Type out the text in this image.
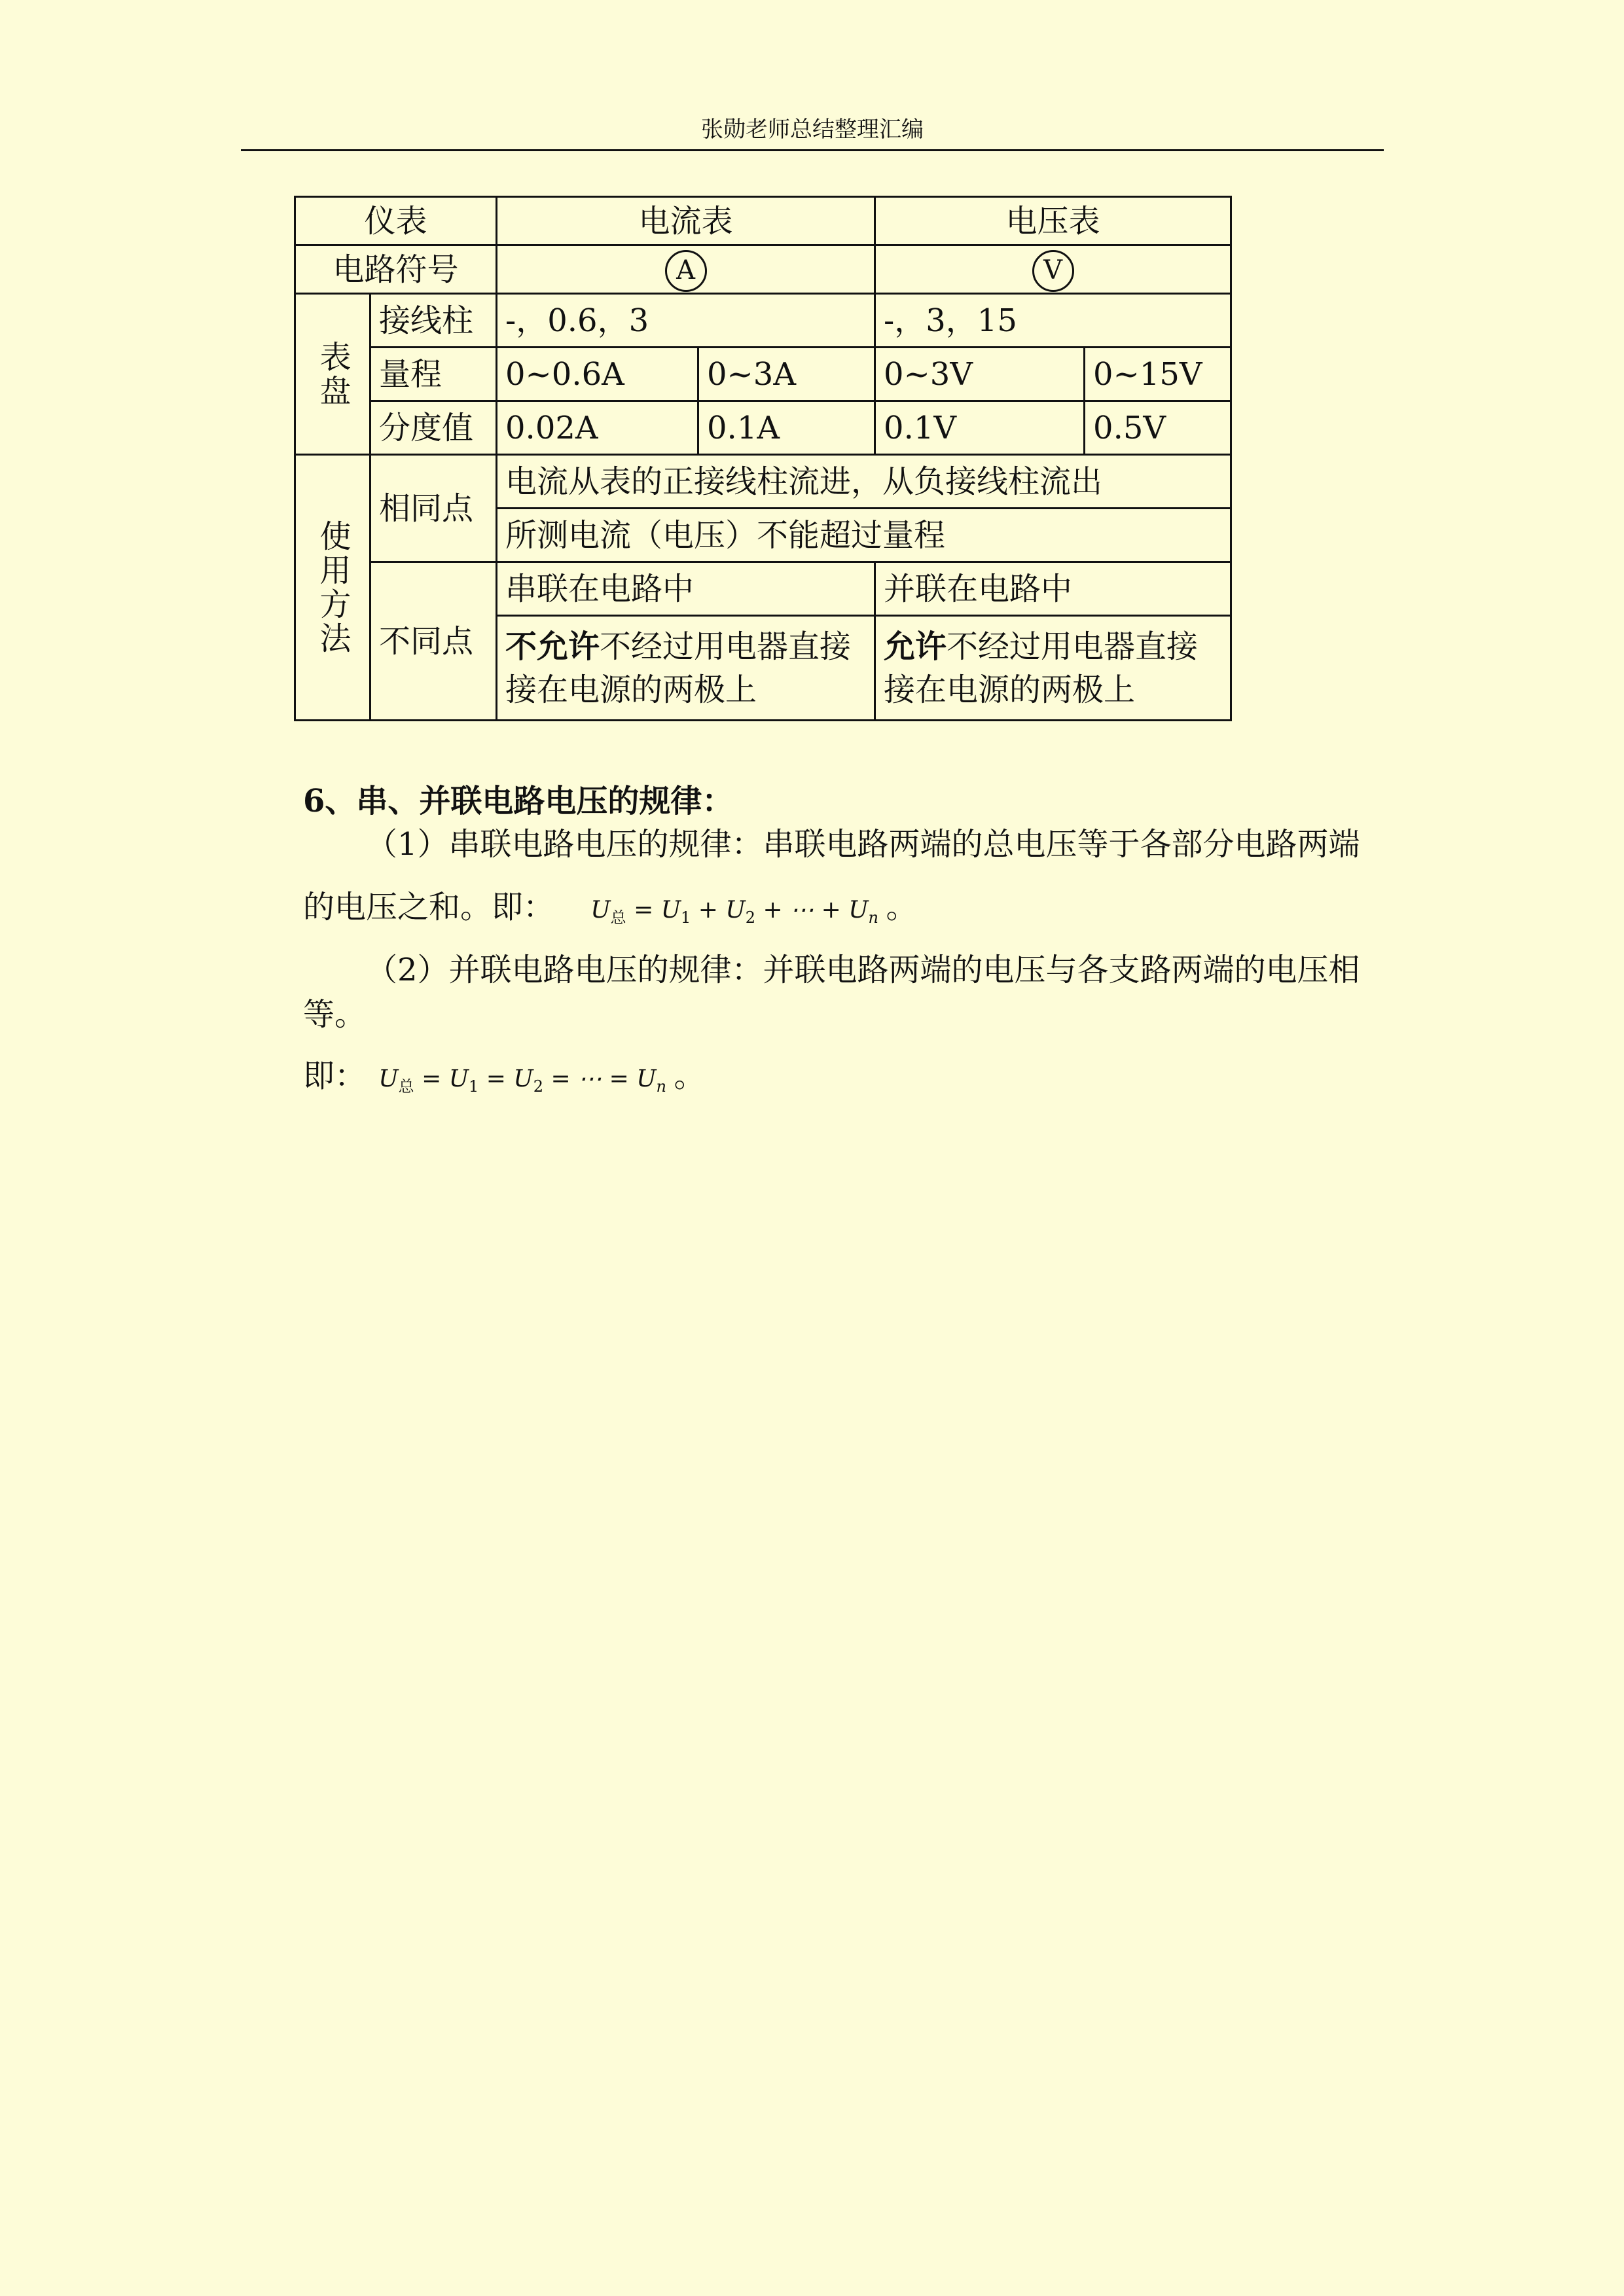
张勋老师总结整理汇编
仪表		电流表		电压表	
电路符号		A		V	

表盘	接线柱	-，0.6，3		-，3，15	
	量程	0~0.6A	0~3A	0~3V	0~15V
	分度值	0.02A	0.1A	0.1V	0.5V

使用方法	相同点	电流从表的正接线柱流进，从负接线柱流出			
		所测电流（电压）不能超过量程			
	不同点	串联在电路中		并联在电路中	
		不允许不经过用电器直接接在电源的两极上		允许不经过用电器直接接在电源的两极上	
6、串、并联电路电压的规律：
（1）串联电路电压的规律：串联电路两端的总电压等于各部分电路两端
的电压之和。即： $U_总 = U_1 + U_2$ + ⋯ + $U_n$ 。
（2）并联电路电压的规律：并联电路两端的电压与各支路两端的电压相等。
即： $U_总 = U_1 = U_2$ = ⋯ = $U_n$ 。
